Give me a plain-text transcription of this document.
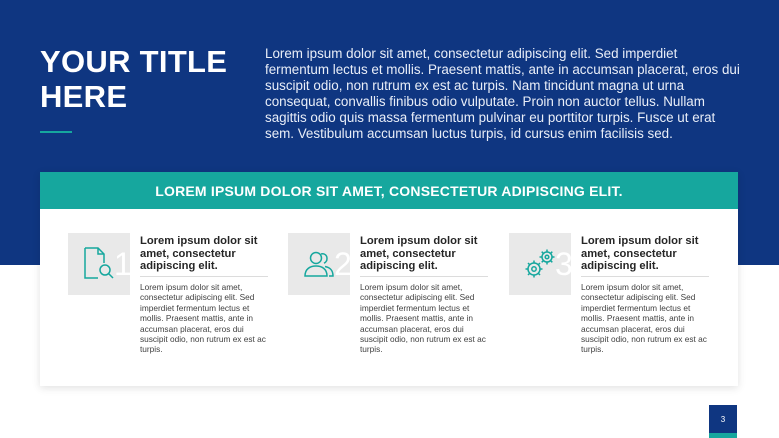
YOUR TITLE HERE
Lorem ipsum dolor sit amet, consectetur adipiscing elit. Sed imperdiet fermentum lectus et mollis. Praesent mattis, ante in accumsan placerat, eros dui suscipit odio, non rutrum ex est ac turpis. Nam tincidunt magna ut urna consequat, convallis finibus odio vulputate. Proin non auctor tellus. Nullam sagittis odio quis massa fermentum pulvinar eu porttitor turpis. Fusce ut erat sem. Vestibulum accumsan luctus turpis, id cursus enim facilisis sed.
LOREM IPSUM DOLOR SIT AMET, CONSECTETUR ADIPISCING ELIT.
1
Lorem ipsum dolor sit amet, consectetur adipiscing elit.
Lorem ipsum dolor sit amet, consectetur adipiscing elit. Sed imperdiet fermentum lectus et mollis. Praesent mattis, ante in accumsan placerat, eros dui suscipit odio, non rutrum ex est ac turpis.
2
Lorem ipsum dolor sit amet, consectetur adipiscing elit.
Lorem ipsum dolor sit amet, consectetur adipiscing elit. Sed imperdiet fermentum lectus et mollis. Praesent mattis, ante in accumsan placerat, eros dui suscipit odio, non rutrum ex est ac turpis.
3
Lorem ipsum dolor sit amet, consectetur adipiscing elit.
Lorem ipsum dolor sit amet, consectetur adipiscing elit. Sed imperdiet fermentum lectus et mollis. Praesent mattis, ante in accumsan placerat, eros dui suscipit odio, non rutrum ex est ac turpis.
3
